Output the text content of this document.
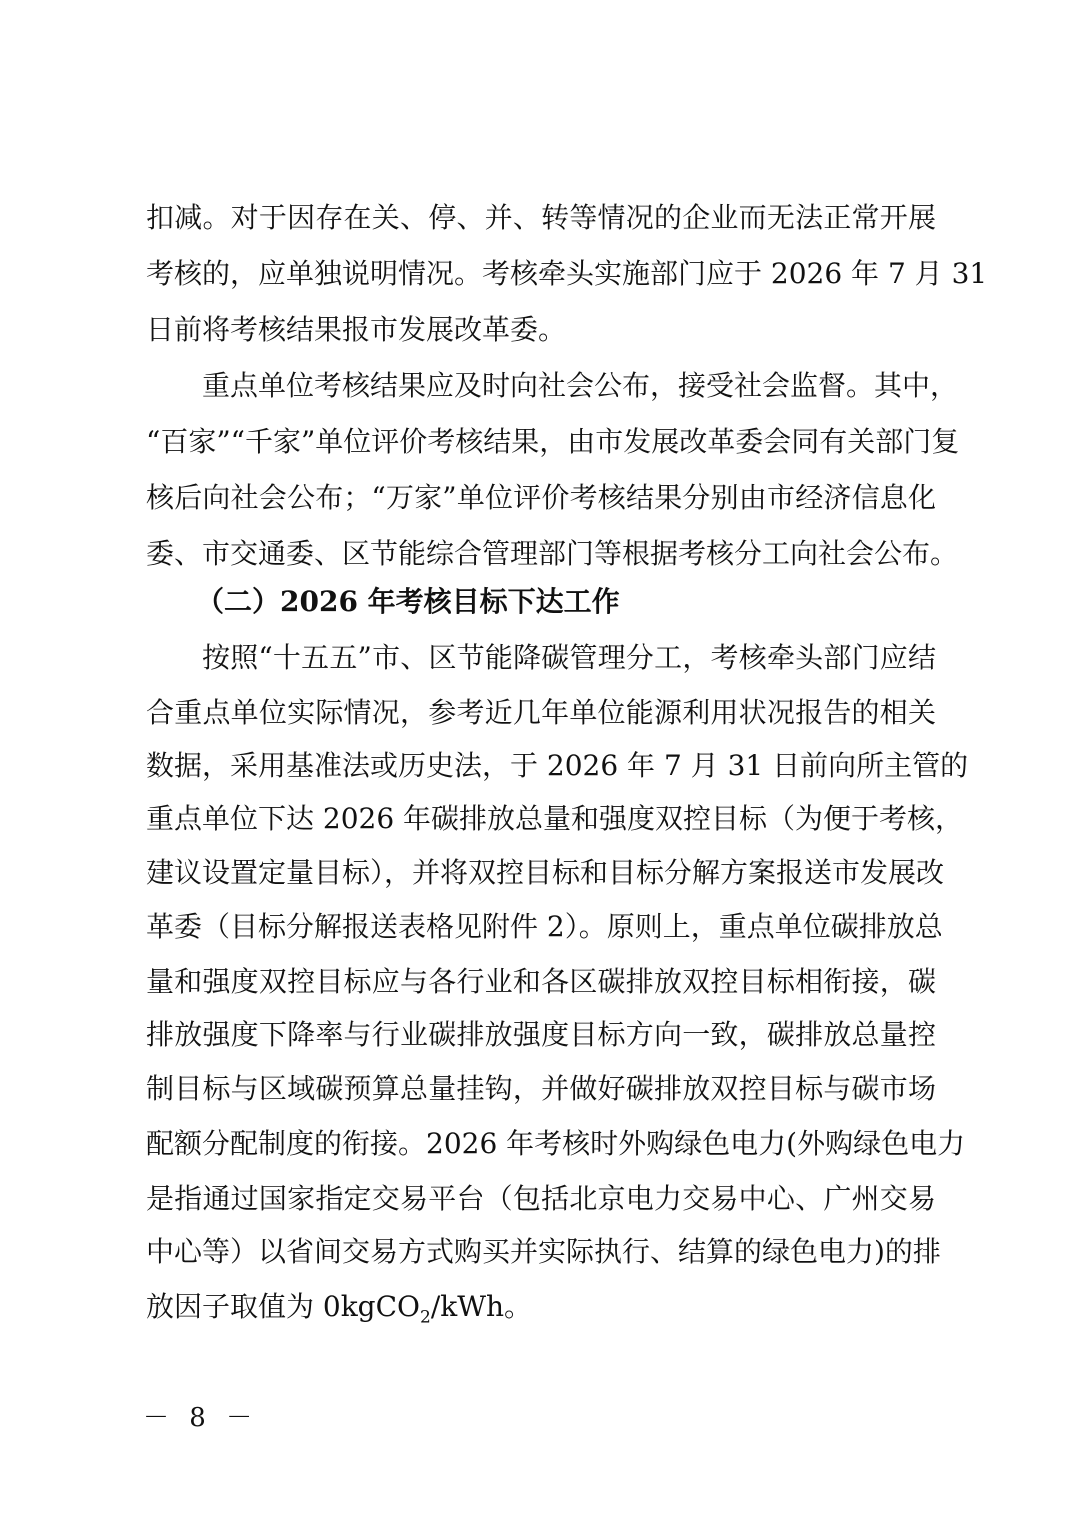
扣减。对于因存在关、停、并、转等情况的企业而无法正常开展
考核的，应单独说明情况。考核牵头实施部门应于 2026 年 7 月 31
日前将考核结果报市发展改革委。
重点单位考核结果应及时向社会公布，接受社会监督。其中，
“百家”“千家”单位评价考核结果，由市发展改革委会同有关部门复
核后向社会公布；“万家”单位评价考核结果分别由市经济信息化
委、市交通委、区节能综合管理部门等根据考核分工向社会公布。
（二）2026 年考核目标下达工作
按照“十五五”市、区节能降碳管理分工，考核牵头部门应结
合重点单位实际情况，参考近几年单位能源利用状况报告的相关
数据，采用基准法或历史法，于 2026 年 7 月 31 日前向所主管的
重点单位下达 2026 年碳排放总量和强度双控目标（为便于考核，
建议设置定量目标），并将双控目标和目标分解方案报送市发展改
革委（目标分解报送表格见附件 2）。原则上，重点单位碳排放总
量和强度双控目标应与各行业和各区碳排放双控目标相衔接，碳
排放强度下降率与行业碳排放强度目标方向一致，碳排放总量控
制目标与区域碳预算总量挂钩，并做好碳排放双控目标与碳市场
配额分配制度的衔接。2026 年考核时外购绿色电力(外购绿色电力
是指通过国家指定交易平台（包括北京电力交易中心、广州交易
中心等）以省间交易方式购买并实际执行、结算的绿色电力)的排
放因子取值为 0kgCO$_2$/kWh。
－ 8 －
